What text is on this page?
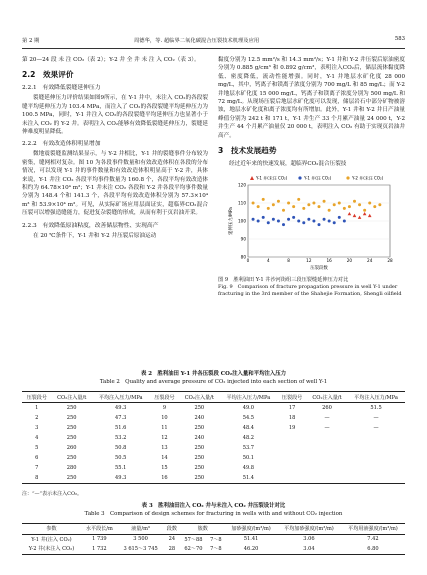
第 2 期	周德华，等. 超临界二氧化碳混合压裂技术机理及应用	583

第 20—24 段 未 注 CO₂（表 2）；Y-2 井 全 井 未 注 入 CO₂（表 3）。

2.2　效果评价
2.2.1　有效降低裂缝延伸压力

裂缝延伸压力评价结果如图9所示，在 Y-1 井中，未注入 CO₂的各段裂缝平均延伸压力为 103.4 MPa，而注入了 CO₂的各段裂缝平均延伸压力为 100.5 MPa，同时，Y-1 井注入 CO₂的各段裂缝平均延伸压力也显著小于未注入 CO₂ 的 Y-2 井。表明注入 CO₂能够有效降低裂缝延伸压力，裂缝延伸难度明显降低。

2.2.2　有效改造体积明显增加

微地震裂缝监测结果显示，与 Y-2 井相比，Y-1 井的裂缝事件分布较为密集，缝网相对复杂。图 10 为各段事件数量和有效改造体积在各段的分布情况，可以发现 Y-1 井的事件数量和有效改造体积明显高于 Y-2 井，具体来说，Y-1 井注 CO₂ 各段平均事件数量为 160.8 个，各段平均有效改造体积约为 64.78×10⁴ m³；Y-1 井未注 CO₂ 各段和 Y-2 井各段平均事件数量分别为 148.4 个和 141.3 个，各段平均有效改造体积分别为 57.3×10⁴ m³ 和 53.9×10⁴ m³。可见，从实际矿场应用层面证实，超临界CO₂混合压裂可以增强造缝能力，促进复杂裂缝的形成，从而有利于页岩油开采。

2.2.3　有效降低原油粘度，改善储层物性、实现高产

在 20 ℃条件下，Y-1 井和 Y-2 井压裂后原油运动

黏度分别为 12.5 mm²/s 和 14.3 mm²/s；Y-1 井和 Y-2 井压裂后原油密度分别为 0.885 g/cm³ 和 0.892 g/cm³，表明注入CO₂后，储层流体黏度降低、密度降低，流动性能增强。同时，Y-1 井地层水矿化度 28 000 mg/L，其中，钙离子和镁离子浓度分别为 700 mg/L 和 85 mg/L；而 Y-2 井地层水矿化度 15 000 mg/L，钙离子和镁离子浓度分别为 500 mg/L 和 72 mg/L。从现场压裂后地层水矿化度可以发现，储层岩石中部分矿物被溶蚀，地层水矿化度和离子浓度均有所增加。此外，Y-1 井和 Y-2 井日产油量峰值分别为 242 t 和 171 t，Y-1 井生产 33 个月累产油量 24 000 t，Y-2 井生产 44 个月累产油量仅 20 000 t，表明注入 CO₂ 有助于实现页岩油井高产。

3　技术发展趋势

经过近年来的快速发展，超临界CO₂混合压裂技

80
90
100
110
120
0	4	8	12	16	20	24	28
延伸压力/MPa
压裂段数
Y-1 井(未注 CO₂)	Y-1 井(注 CO₂)	Y-2 井(未注 CO₂)
图 9　胜利油田 Y-1 井沙河街组三段压裂缝延伸压力对比
Fig. 9　Comparison of fracture propagation pressure in well Y-1 under fracturing in the 3rd member of the Shahejie Formation, Shengli oilfield
表 2　胜利油田 Y-1 井各压裂段 CO₂注入量和平均注入压力
Table 2　Quality and average pressure of CO₂ injected into each section of well Y-1
压裂段号	CO₂注入量/t	平均注入压力/MPa	压裂段号	CO₂注入量/t	平均注入压力/MPa	压裂段号	CO₂注入量/t	平均注入压力/MPa
1	250	49.3	9	250	49.0	17	260	51.5
2	250	47.3	10	240	54.5	18	—	—
3	250	51.6	11	250	48.4	19	—	—
4	250	53.2	12	240	48.2			
5	260	50.8	13	250	53.7			
6	250	50.5	14	250	50.1			
7	280	55.1	15	250	49.8			
8	250	49.3	16	250	51.4			
注：“—”表示未注入CO₂。
表 3　胜利油田注入 CO₂ 井与未注入 CO₂ 井压裂设计对比
Table 3　Comparison of design schemes for fracturing in wells with and without CO₂ injection
参数	水平段长/m	液量/m³	段数	簇数		加砂强度/(m³/m)	平均加砂强度/(m³/m)	平均用液强度/(m³/m)
Y-1 井(注入 CO₂)	1 739	3 500	24	57～88	7～8	51.41	3.06	7.42
Y-2 井(未注入 CO₂)	1 732	3 615～3 745	28	62～70	7～8	46.20	3.04	6.80
